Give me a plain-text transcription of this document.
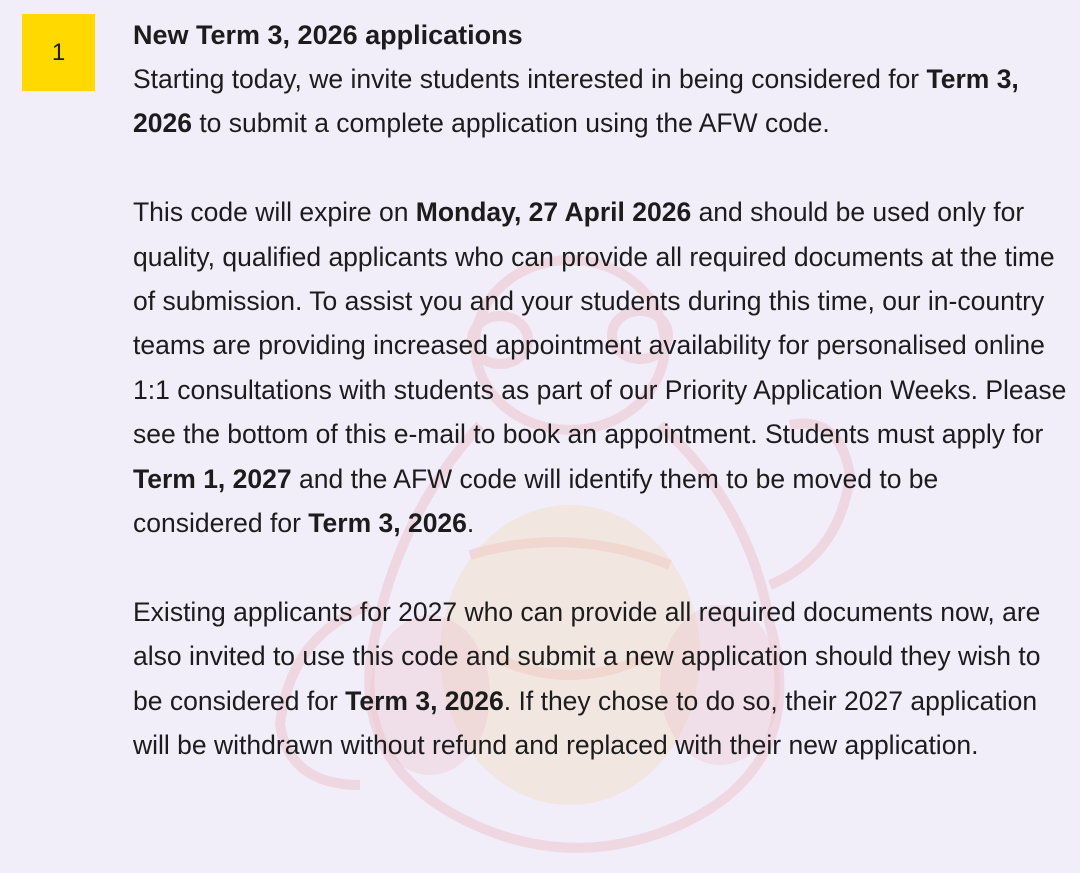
1
New Term 3, 2026 applications

Starting today, we invite students interested in being considered for Term 3, 2026 to submit a complete application using the AFW code.

This code will expire on Monday, 27 April 2026 and should be used only for quality, qualified applicants who can provide all required documents at the time of submission. To assist you and your students during this time, our in-country teams are providing increased appointment availability for personalised online 1:1 consultations with students as part of our Priority Application Weeks. Please see the bottom of this e-mail to book an appointment. Students must apply for Term 1, 2027 and the AFW code will identify them to be moved to be considered for Term 3, 2026.

Existing applicants for 2027 who can provide all required documents now, are also invited to use this code and submit a new application should they wish to be considered for Term 3, 2026. If they chose to do so, their 2027 application will be withdrawn without refund and replaced with their new application.
